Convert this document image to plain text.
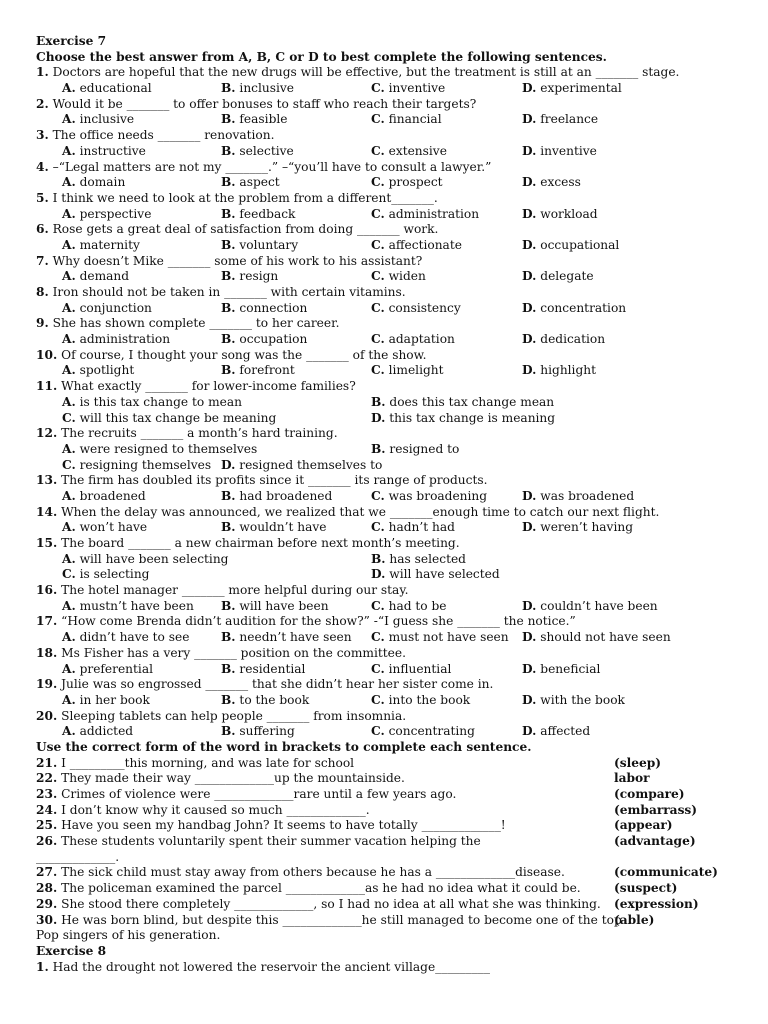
Exercise 7
Choose the best answer from A, B, C or D to best complete the following sentences.
1. Doctors are hopeful that the new drugs will be effective, but the treatment is still at an _______ stage.
A. educational	B. inclusive	C. inventive	D. experimental
2. Would it be _______ to offer bonuses to staff who reach their targets?
A. inclusive	B. feasible	C. financial	D. freelance
3. The office needs _______ renovation.
A. instructive	B. selective	C. extensive	D. inventive
4. –“Legal matters are not my _______.” –“you’ll have to consult a lawyer.”
A. domain	B. aspect	C. prospect	D. excess
5. I think we need to look at the problem from a different_______.
A. perspective	B. feedback	C. administration	D. workload
6. Rose gets a great deal of satisfaction from doing _______ work.
A. maternity	B. voluntary	C. affectionate	D. occupational
7. Why doesn’t Mike _______ some of his work to his assistant?
A. demand	B. resign	C. widen	D. delegate
8. Iron should not be taken in _______ with certain vitamins.
A. conjunction	B. connection	C. consistency	D. concentration
9. She has shown complete _______ to her career.
A. administration	B. occupation	C. adaptation	D. dedication
10. Of course, I thought your song was the _______ of the show.
A. spotlight	B. forefront	C. limelight	D. highlight
11. What exactly _______ for lower-income families?
A. is this tax change to mean	B. does this tax change mean
C. will this tax change be meaning	D. this tax change is meaning
12. The recruits _______ a month’s hard training.
A. were resigned to themselves	B. resigned to
C. resigning themselves D. resigned themselves to
13. The firm has doubled its profits since it _______ its range of products.
A. broadened	B. had broadened	C. was broadening	D. was broadened
14. When the delay was announced, we realized that we _______enough time to catch our next flight.
A. won’t have	B. wouldn’t have	C. hadn’t had	D. weren’t having
15. The board _______ a new chairman before next month’s meeting.
A. will have been selecting	B. has selected
C. is selecting	D. will have selected
16. The hotel manager _______ more helpful during our stay.
A. mustn’t have been B. will have been	C. had to be	D. couldn’t have been
17. “How come Brenda didn’t audition for the show?” -“I guess she _______ the notice.”
A. didn’t have to see	B. needn’t have seen C. must not have seen D. should not have seen
18. Ms Fisher has a very _______ position on the committee.
A. preferential	B. residential	C. influential	D. beneficial
19. Julie was so engrossed _______ that she didn’t hear her sister come in.
A. in her book	B. to the book	C. into the book	D. with the book
20. Sleeping tablets can help people _______ from insomnia.
A. addicted	B. suffering	C. concentrating	D. affected
Use the correct form of the word in brackets to complete each sentence.
21. I _________this morning, and was late for school	(sleep)
22. They made their way _____________up the mountainside.	labor
23. Crimes of violence were _____________rare until a few years ago.	(compare)
24. I don’t know why it caused so much _____________.	(embarrass)
25. Have you seen my handbag John? It seems to have totally _____________!	(appear)
26. These students voluntarily spent their summer vacation helping the	(advantage)
_____________.
27. The sick child must stay away from others because he has a _____________disease.	(communicate)
28. The policeman examined the parcel _____________as he had no idea what it could be.	(suspect)
29. She stood there completely _____________, so I had no idea at all what she was thinking. (expression)
30. He was born blind, but despite this _____________he still managed to become one of the top
(able)
Pop singers of his generation.
Exercise 8
1. Had the drought not lowered the reservoir the ancient village_________
